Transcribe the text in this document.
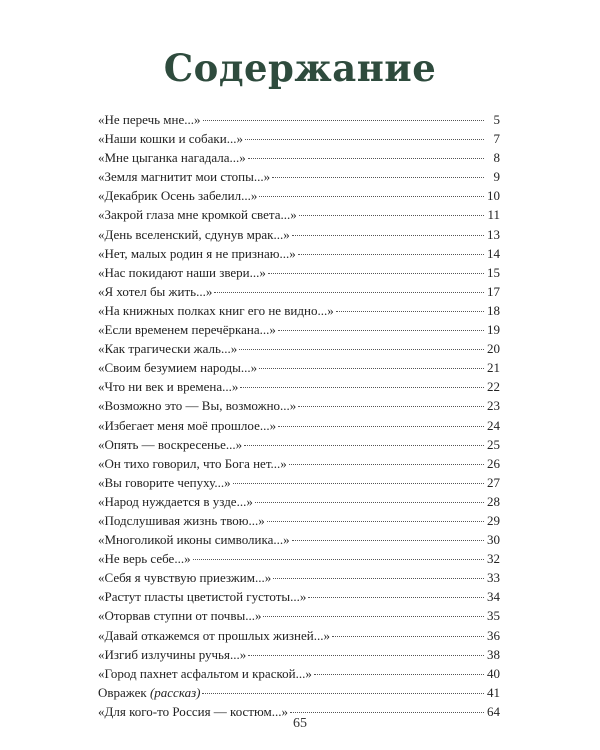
Содержание
«Не перечь мне...»	5
«Наши кошки и собаки...»	7
«Мне цыганка нагадала...»	8
«Земля магнитит мои стопы...»	9
«Декабрик Осень забелил...»	10
«Закрой глаза мне кромкой света...»	11
«День вселенский, сдунув мрак...»	13
«Нет, малых родин я не признаю...»	14
«Нас покидают наши звери...»	15
«Я хотел бы жить...»	17
«На книжных полках книг его не видно...»	18
«Если временем перечёркана...»	19
«Как трагически жаль...»	20
«Своим безумием народы...»	21
«Что ни век и времена...»	22
«Возможно это — Вы, возможно...»	23
«Избегает меня моё прошлое...»	24
«Опять — воскресенье...»	25
«Он тихо говорил, что Бога нет...»	26
«Вы говорите чепуху...»	27
«Народ нуждается в узде...»	28
«Подслушивая жизнь твою...»	29
«Многоликой иконы символика...»	30
«Не верь себе...»	32
«Себя я чувствую приезжим...»	33
«Растут пласты цветистой густоты...»	34
«Оторвав ступни от почвы...»	35
«Давай откажемся от прошлых жизней...»	36
«Изгиб излучины ручья...»	38
«Город пахнет асфальтом и краской...»	40
Овражек (рассказ)	41
«Для кого-то Россия — костюм...»	64
65
